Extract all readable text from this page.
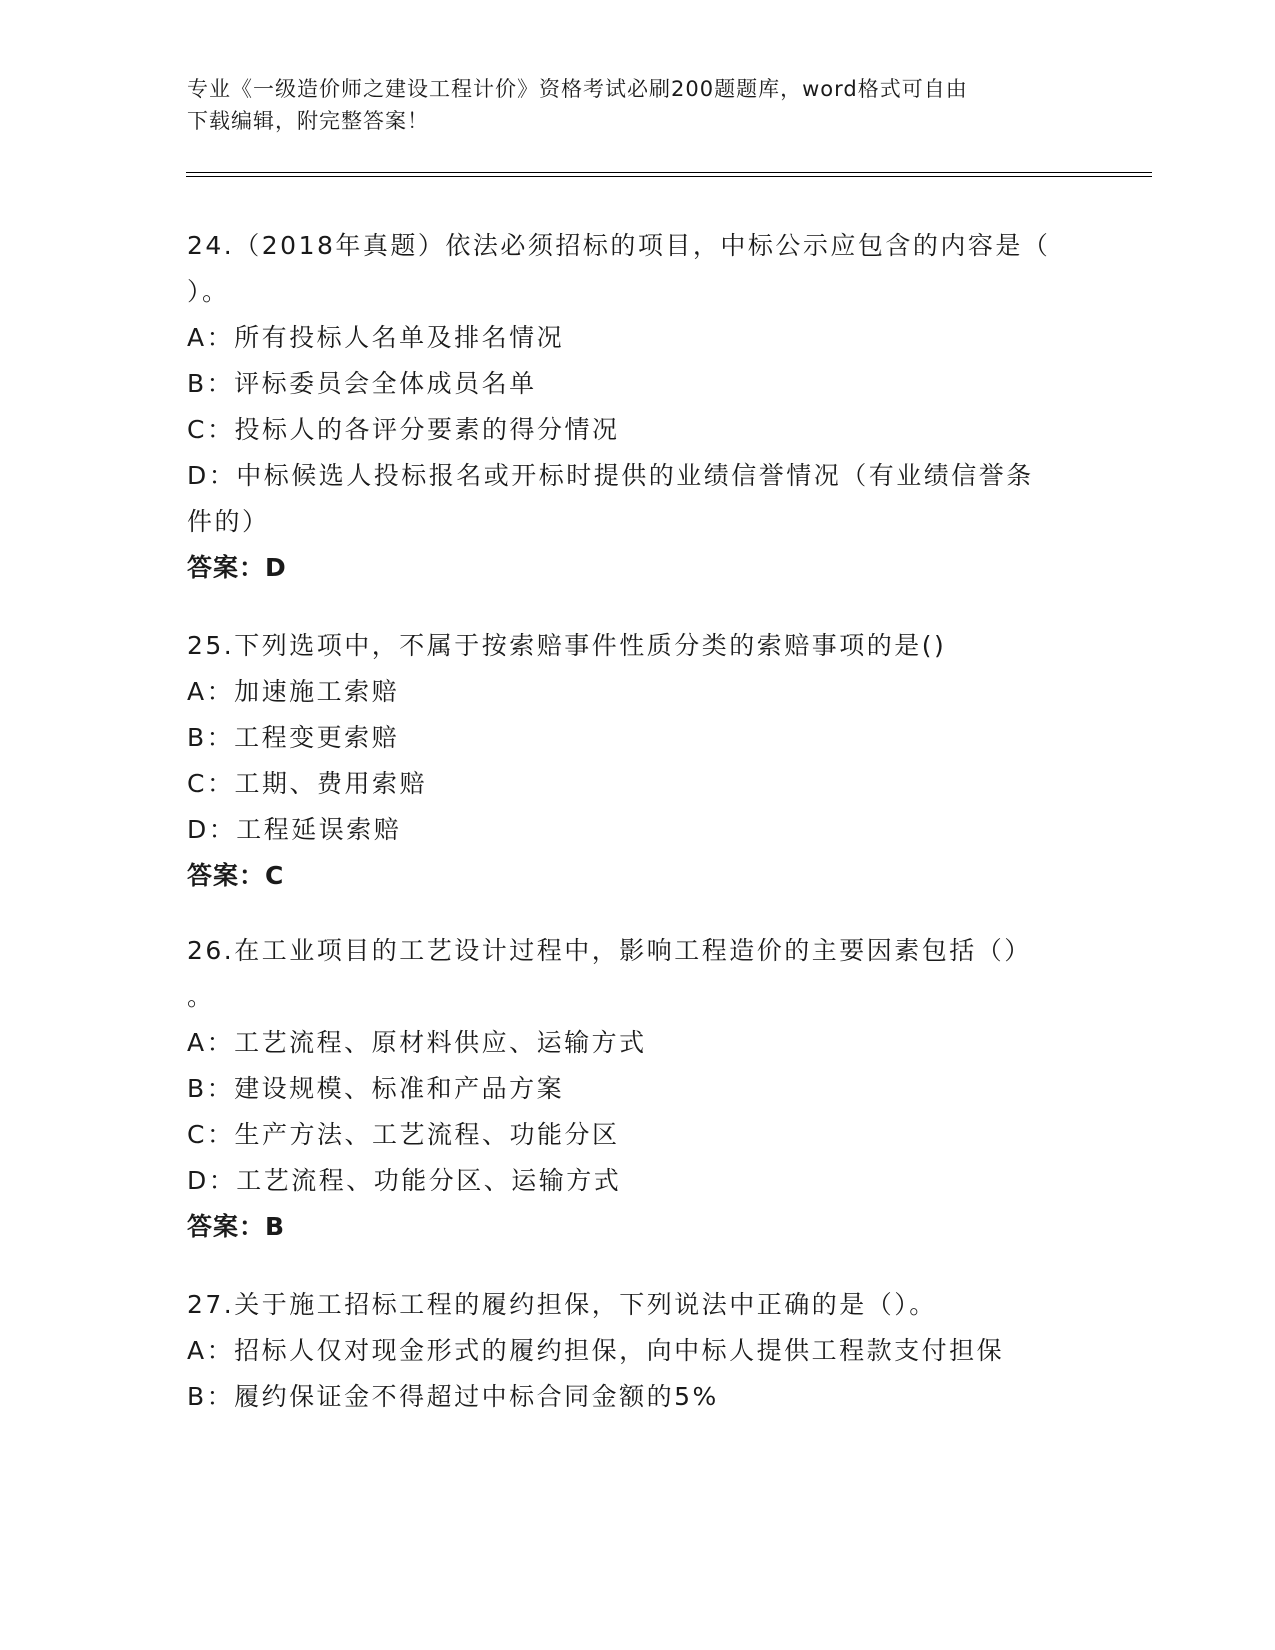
专业《一级造价师之建设工程计价》资格考试必刷200题题库，word格式可自由
下载编辑，附完整答案！
24.（2018年真题）依法必须招标的项目，中标公示应包含的内容是（
）。
A：所有投标人名单及排名情况
B：评标委员会全体成员名单
C：投标人的各评分要素的得分情况
D：中标候选人投标报名或开标时提供的业绩信誉情况（有业绩信誉条
件的）
答案：D
25.下列选项中，不属于按索赔事件性质分类的索赔事项的是()
A：加速施工索赔
B：工程变更索赔
C：工期、费用索赔
D：工程延误索赔
答案：C
26.在工业项目的工艺设计过程中，影响工程造价的主要因素包括（）
。
A：工艺流程、原材料供应、运输方式
B：建设规模、标准和产品方案
C：生产方法、工艺流程、功能分区
D：工艺流程、功能分区、运输方式
答案：B
27.关于施工招标工程的履约担保，下列说法中正确的是（）。
A：招标人仅对现金形式的履约担保，向中标人提供工程款支付担保
B：履约保证金不得超过中标合同金额的5%
